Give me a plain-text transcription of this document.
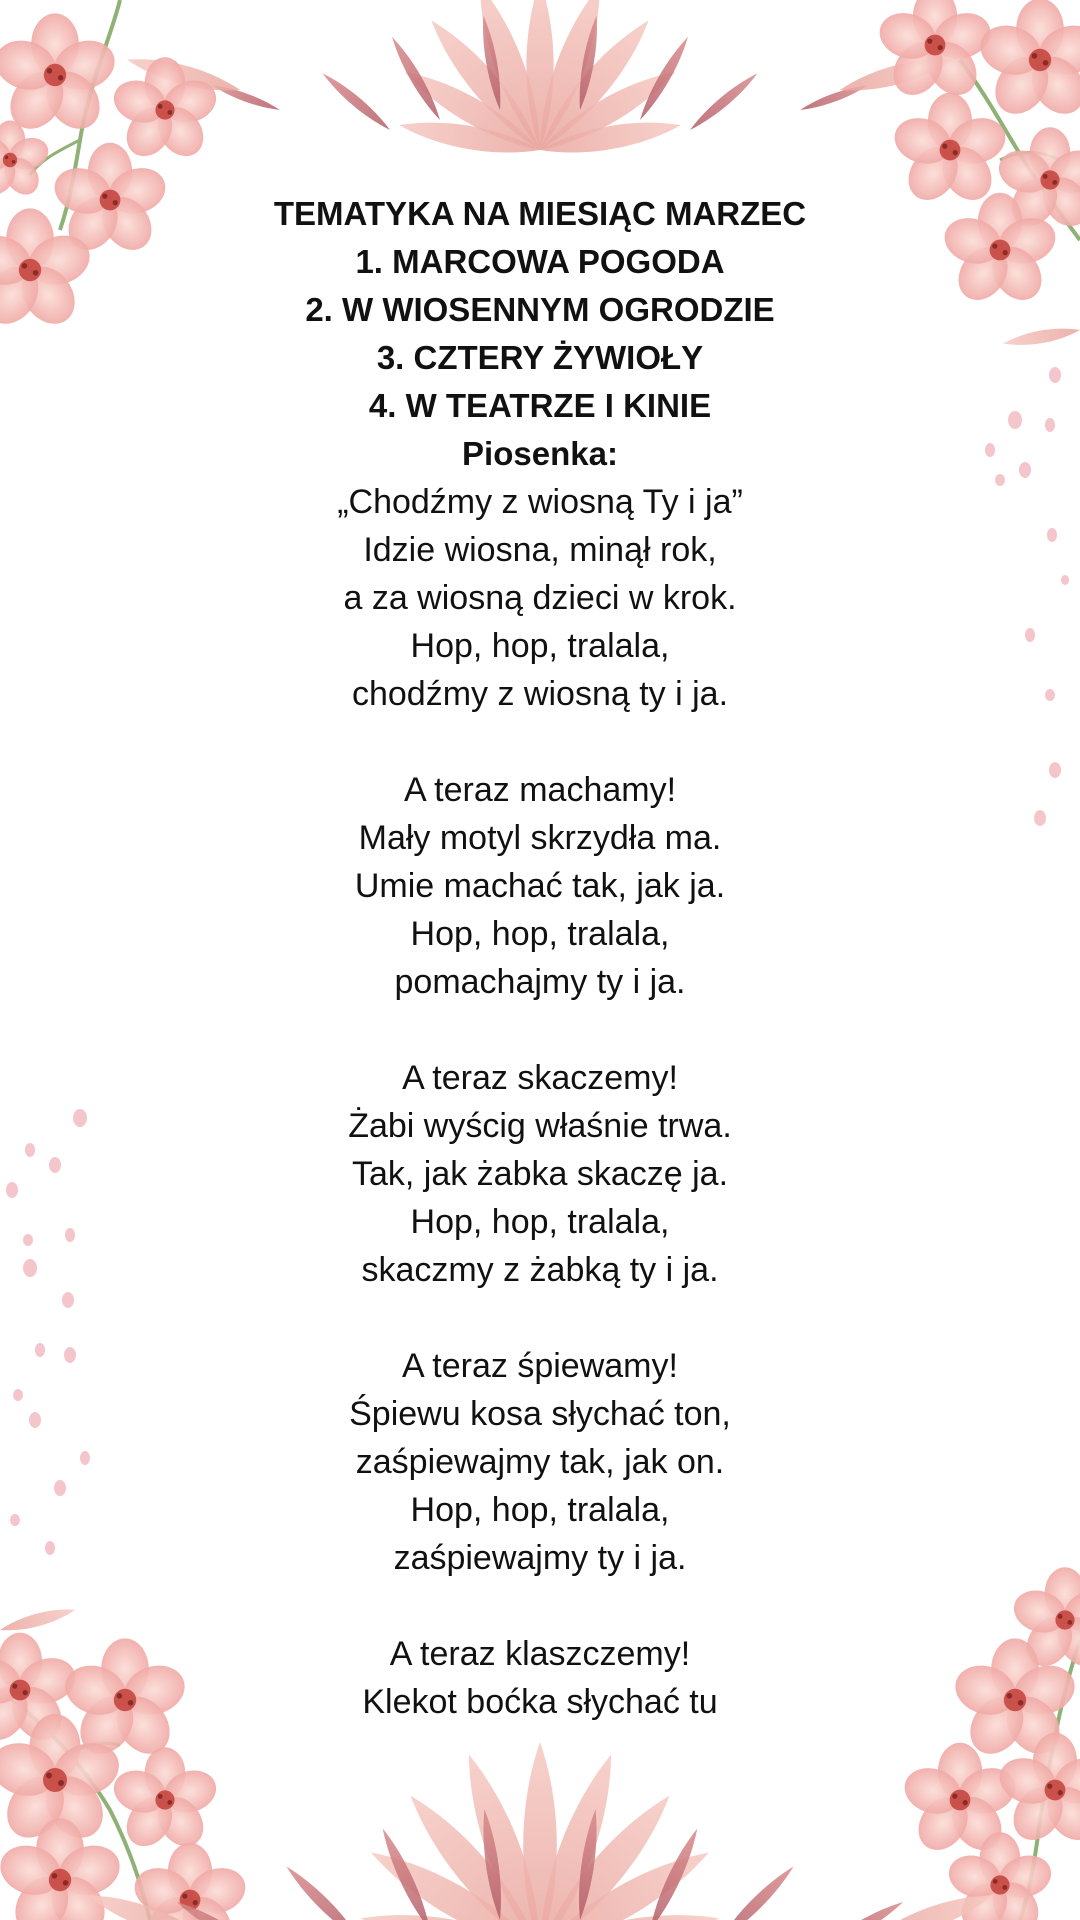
TEMATYKA NA MIESIĄC MARZEC
1. MARCOWA POGODA
2. W WIOSENNYM OGRODZIE
3. CZTERY ŻYWIOŁY
4. W TEATRZE I KINIE
Piosenka:
„Chodźmy z wiosną Ty i ja”
Idzie wiosna, minął rok,
a za wiosną dzieci w krok.
Hop, hop, tralala,
chodźmy z wiosną ty i ja.
A teraz machamy!
Mały motyl skrzydła ma.
Umie machać tak, jak ja.
Hop, hop, tralala,
pomachajmy ty i ja.
A teraz skaczemy!
Żabi wyścig właśnie trwa.
Tak, jak żabka skaczę ja.
Hop, hop, tralala,
skaczmy z żabką ty i ja.
A teraz śpiewamy!
Śpiewu kosa słychać ton,
zaśpiewajmy tak, jak on.
Hop, hop, tralala,
zaśpiewajmy ty i ja.
A teraz klaszczemy!
Klekot boćka słychać tu
